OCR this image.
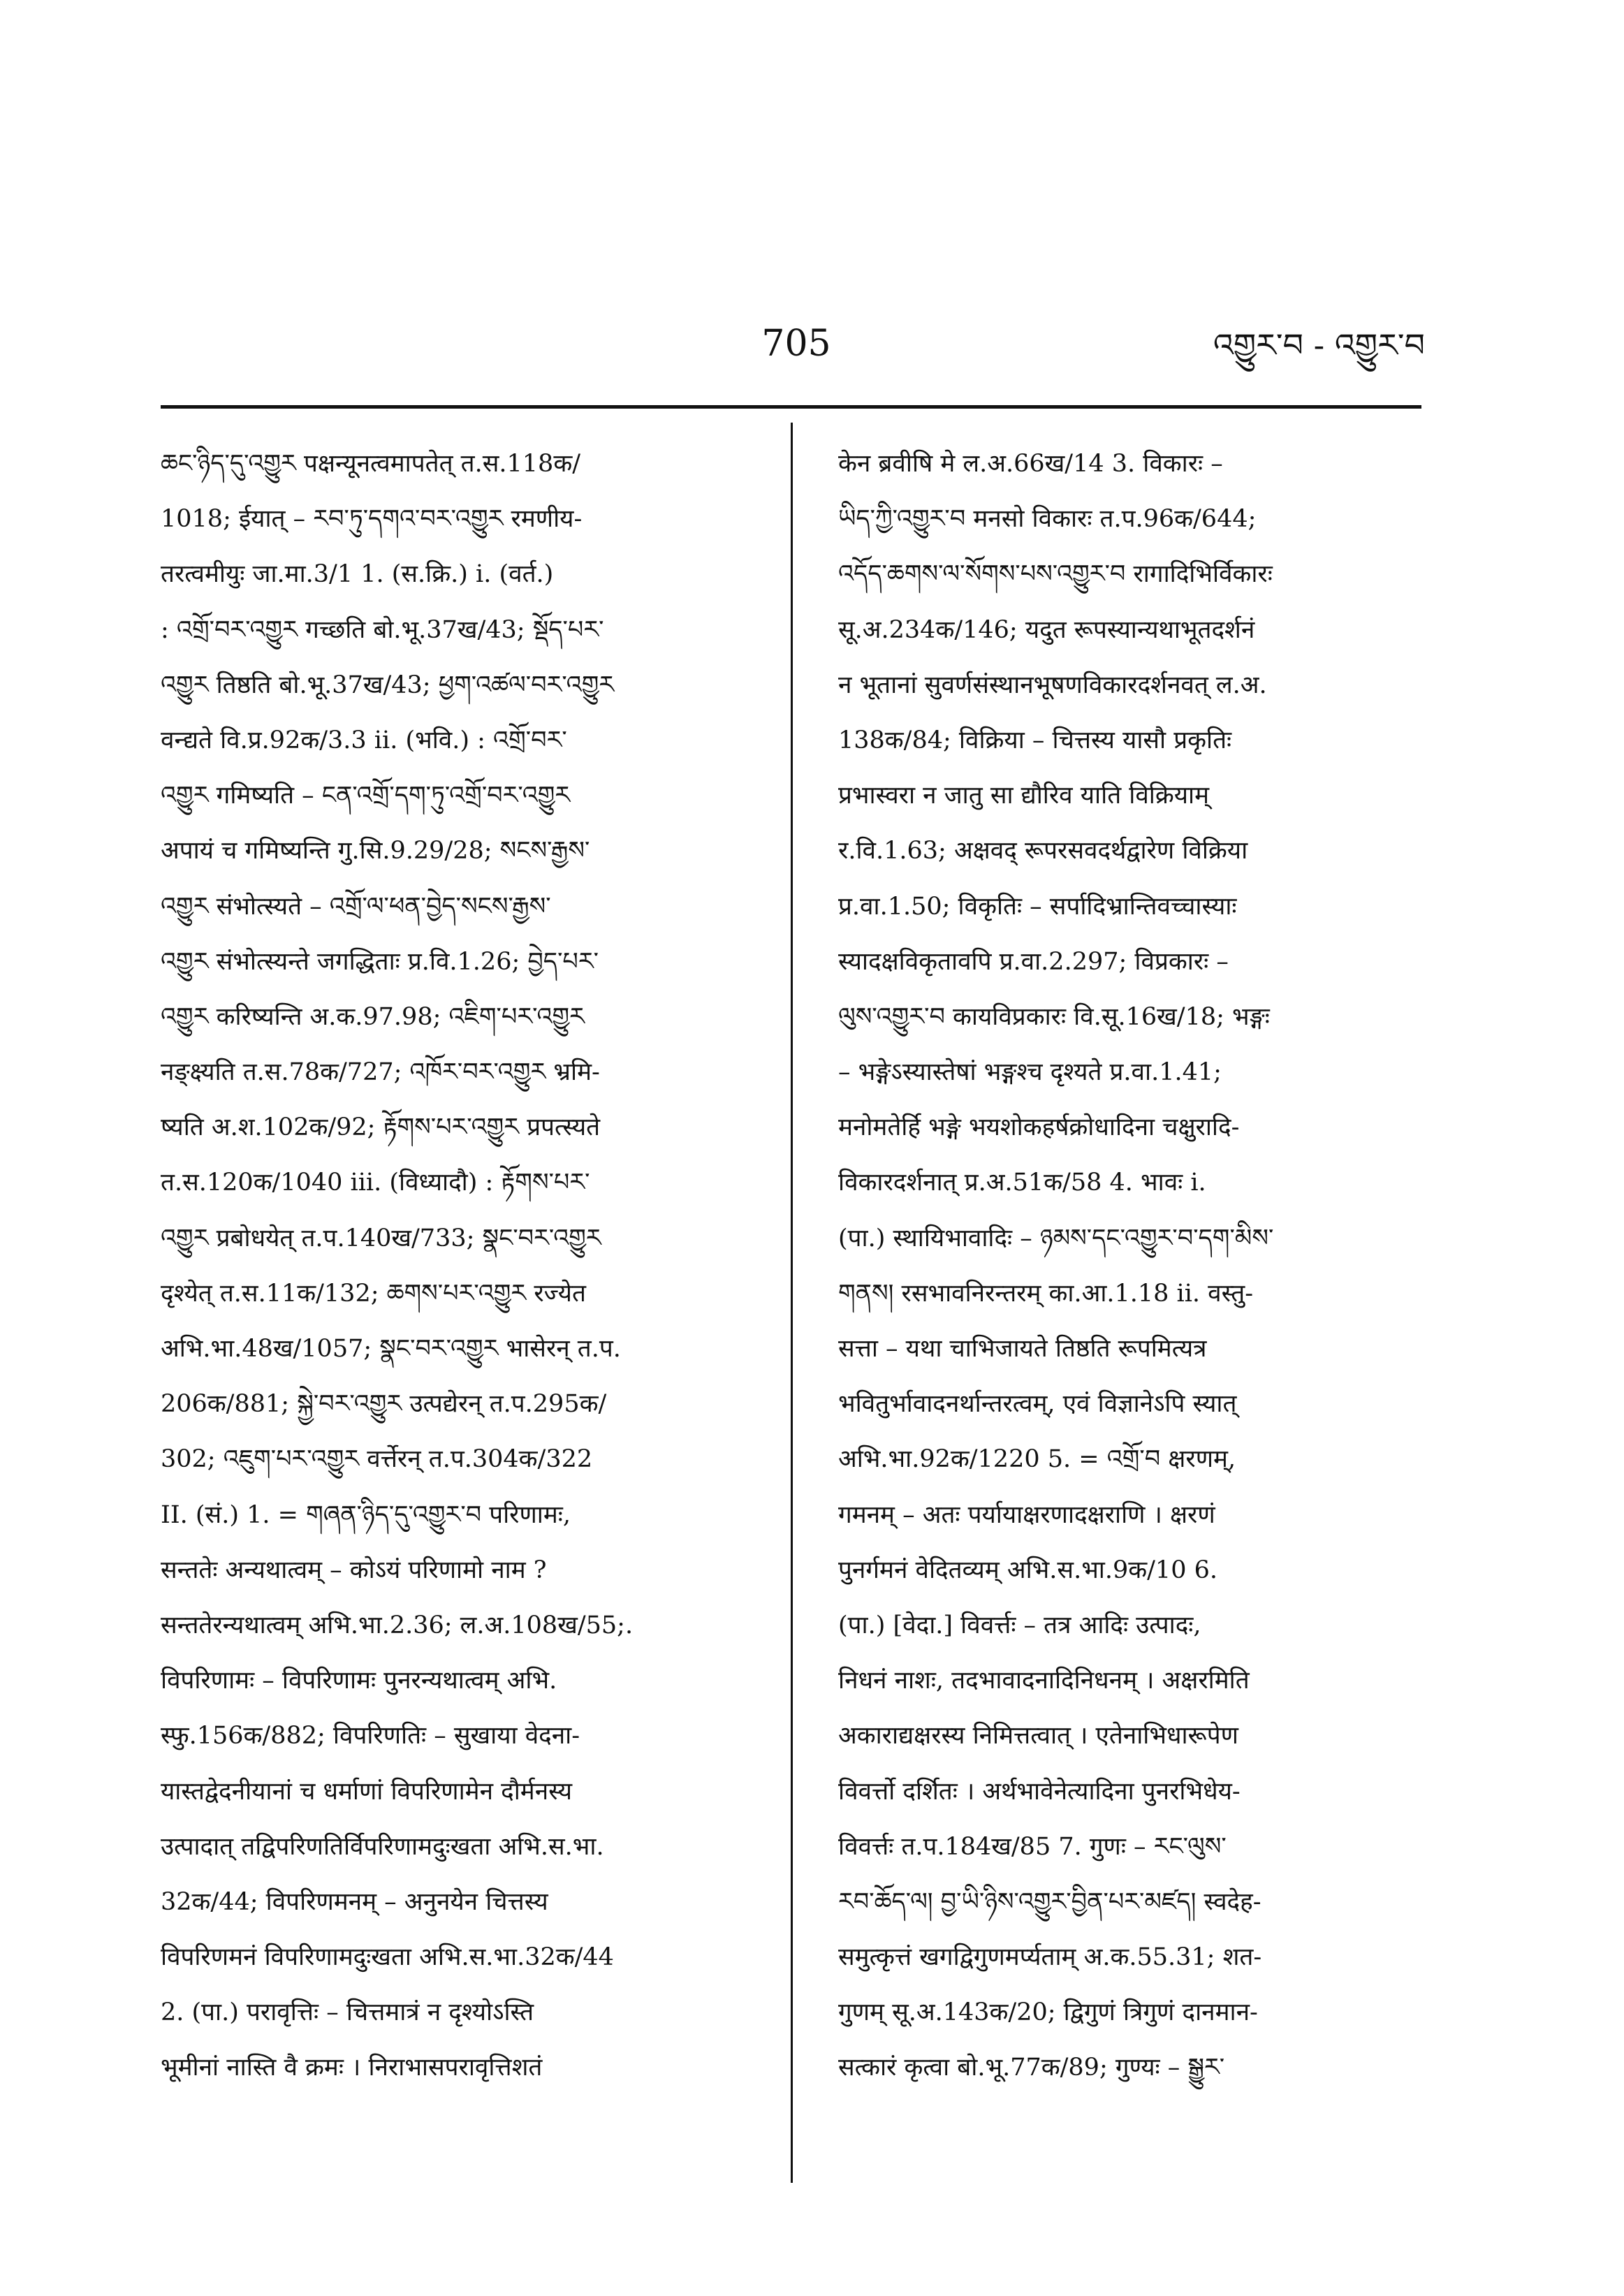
705	འགྱུར་བ - འགྱུར་བ
ཆང་ཉིད་དུ་འགྱུར पक्षन्यूनत्वमापतेत् त.स.118क/
1018; ईयात् – རབ་ཏུ་དགའ་བར་འགྱུར रमणीय-
तरत्वमीयुः जा.मा.3/1 1. (स.क्रि.) i. (वर्त.)
: འགྲོ་བར་འགྱུར गच्छति बो.भू.37ख/43; སྡོད་པར་
འགྱུར तिष्ठति बो.भू.37ख/43; ཕྱག་འཚལ་བར་འགྱུར
वन्द्यते वि.प्र.92क/3.3 ii. (भवि.) : འགྲོ་བར་
འགྱུར गमिष्यति – ངན་འགྲོ་དག་ཏུ་འགྲོ་བར་འགྱུར
अपायं च गमिष्यन्ति गु.सि.9.29/28; སངས་རྒྱས་
འགྱུར संभोत्स्यते – འགྲོ་ལ་ཕན་བྱེད་སངས་རྒྱས་
འགྱུར संभोत्स्यन्ते जगद्धिताः प्र.वि.1.26; བྱེད་པར་
འགྱུར करिष्यन्ति अ.क.97.98; འཇིག་པར་འགྱུར
नङ्क्ष्यति त.स.78क/727; འཁོར་བར་འགྱུར भ्रमि-
ष्यति अ.श.102क/92; རྟོགས་པར་འགྱུར प्रपत्स्यते
त.स.120क/1040 iii. (विध्यादौ) : རྟོགས་པར་
འགྱུར प्रबोधयेत् त.प.140ख/733; སྣང་བར་འགྱུར
दृश्येत् त.स.11क/132; ཆགས་པར་འགྱུར रज्येत
अभि.भा.48ख/1057; སྣང་བར་འགྱུར भासेरन् त.प.
206क/881; སྐྱེ་བར་འགྱུར उत्पद्येरन् त.प.295क/
302; འཇུག་པར་འགྱུར वर्त्तेरन् त.प.304क/322
II. (सं.) 1. = གཞན་ཉིད་དུ་འགྱུར་བ परिणामः,
सन्ततेः अन्यथात्वम् – कोऽयं परिणामो नाम ?
सन्ततेरन्यथात्वम् अभि.भा.2.36; ल.अ.108ख/55;.
विपरिणामः – विपरिणामः पुनरन्यथात्वम् अभि.
स्फु.156क/882; विपरिणतिः – सुखाया वेदना-
यास्तद्वेदनीयानां च धर्माणां विपरिणामेन दौर्मनस्य
उत्पादात् तद्विपरिणतिर्विपरिणामदुःखता अभि.स.भा.
32क/44; विपरिणमनम् – अनुनयेन चित्तस्य
विपरिणमनं विपरिणामदुःखता अभि.स.भा.32क/44
2. (पा.) परावृत्तिः – चित्तमात्रं न दृश्योऽस्ति
भूमीनां नास्ति वै क्रमः । निराभासपरावृत्तिशतं
केन ब्रवीषि मे ल.अ.66ख/14 3. विकारः –
ཡིད་ཀྱི་འགྱུར་བ मनसो विकारः त.प.96क/644;
འདོད་ཆགས་ལ་སོགས་པས་འགྱུར་བ रागादिभिर्विकारः
सू.अ.234क/146; यदुत रूपस्यान्यथाभूतदर्शनं
न भूतानां सुवर्णसंस्थानभूषणविकारदर्शनवत् ल.अ.
138क/84; विक्रिया – चित्तस्य यासौ प्रकृतिः
प्रभास्वरा न जातु सा द्यौरिव याति विक्रियाम्
र.वि.1.63; अक्षवद् रूपरसवदर्थद्वारेण विक्रिया
प्र.वा.1.50; विकृतिः – सर्पादिभ्रान्तिवच्चास्याः
स्यादक्षविकृतावपि प्र.वा.2.297; विप्रकारः –
ལུས་འགྱུར་བ कायविप्रकारः वि.सू.16ख/18; भङ्गः
– भङ्गेऽस्यास्तेषां भङ्गश्च दृश्यते प्र.वा.1.41;
मनोमतेर्हि भङ्गे भयशोकहर्षक्रोधादिना चक्षुरादि-
विकारदर्शनात् प्र.अ.51क/58 4. भावः i.
(पा.) स्थायिभावादिः – ཉམས་དང་འགྱུར་བ་དག་མིས་
གནས། रसभावनिरन्तरम् का.आ.1.18 ii. वस्तु-
सत्ता – यथा चाभिजायते तिष्ठति रूपमित्यत्र
भवितुर्भावादनर्थान्तरत्वम्, एवं विज्ञानेऽपि स्यात्
अभि.भा.92क/1220 5. = འགྲོ་བ क्षरणम्,
गमनम् – अतः पर्यायाक्षरणादक्षराणि । क्षरणं
पुनर्गमनं वेदितव्यम् अभि.स.भा.9क/10 6.
(पा.) [वेदा.] विवर्त्तः – तत्र आदिः उत्पादः,
निधनं नाशः, तदभावादनादिनिधनम् । अक्षरमिति
अकाराद्यक्षरस्य निमित्तत्वात् । एतेनाभिधारूपेण
विवर्त्तो दर्शितः । अर्थभावेनेत्यादिना पुनरभिधेय-
विवर्त्तः त.प.184ख/85 7. गुणः – རང་ལུས་
རབ་ཆོད་ལ། བྱ་ཡི་ཉིས་འགྱུར་བྱིན་པར་མཛད། स्वदेह-
समुत्कृत्तं खगद्विगुणमर्प्यताम् अ.क.55.31; शत-
गुणम् सू.अ.143क/20; द्विगुणं त्रिगुणं दानमान-
सत्कारं कृत्वा बो.भू.77क/89; गुण्यः – སྒྱུར་
